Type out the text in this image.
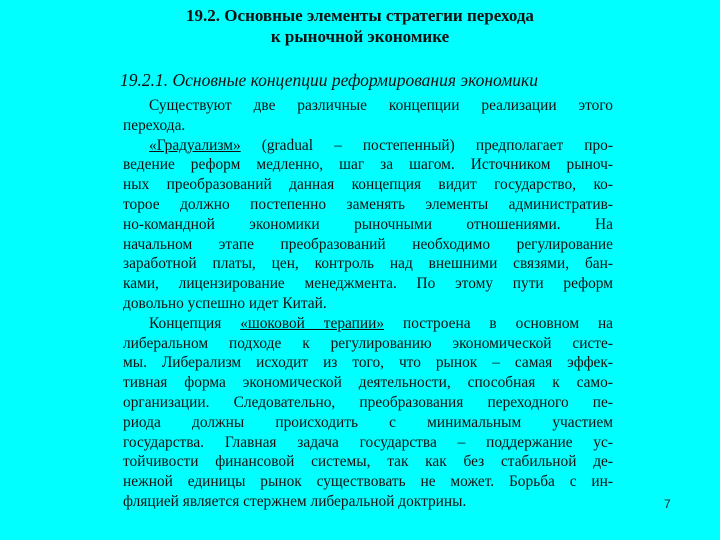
19.2. Основные элементы стратегии перехода
к рыночной экономике
19.2.1. Основные концепции реформирования экономики
Существуют две различные концепции реализации этого
перехода.
«Градуализм» (gradual – постепенный) предполагает про-
ведение реформ медленно, шаг за шагом. Источником рыноч-
ных преобразований данная концепция видит государство, ко-
торое должно постепенно заменять элементы административ-
но-командной экономики рыночными отношениями. На
начальном этапе преобразований необходимо регулирование
заработной платы, цен, контроль над внешними связями, бан-
ками, лицензирование менеджмента. По этому пути реформ
довольно успешно идет Китай.
Концепция «шоковой терапии» построена в основном на
либеральном подходе к регулированию экономической систе-
мы. Либерализм исходит из того, что рынок – самая эффек-
тивная форма экономической деятельности, способная к само-
организации. Следовательно, преобразования переходного пе-
риода должны происходить с минимальным участием
государства. Главная задача государства – поддержание ус-
тойчивости финансовой системы, так как без стабильной де-
нежной единицы рынок существовать не может. Борьба с ин-
фляцией является стержнем либеральной доктрины.	7
